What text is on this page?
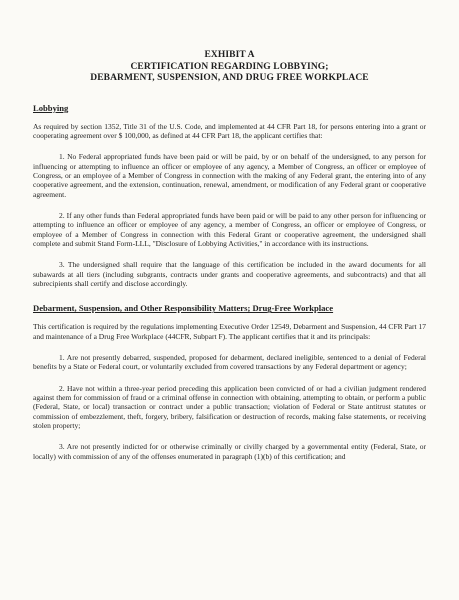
EXHIBIT A
CERTIFICATION REGARDING LOBBYING;
DEBARMENT, SUSPENSION, AND DRUG FREE WORKPLACE
Lobbying

As required by section 1352, Title 31 of the U.S. Code, and implemented at 44 CFR Part 18, for persons entering into a grant or cooperating agreement over $ 100,000, as defined at 44 CFR Part 18, the applicant certifies that:

1. No Federal appropriated funds have been paid or will be paid, by or on behalf of the undersigned, to any person for influencing or attempting to influence an officer or employee of any agency, a Member of Congress, an officer or employee of Congress, or an employee of a Member of Congress in connection with the making of any Federal grant, the entering into of any cooperative agreement, and the extension, continuation, renewal, amendment, or modification of any Federal grant or cooperative agreement.

2. If any other funds than Federal appropriated funds have been paid or will be paid to any other person for influencing or attempting to influence an officer or employee of any agency, a member of Congress, an officer or employee of Congress, or employee of a Member of Congress in connection with this Federal Grant or cooperative agreement, the undersigned shall complete and submit Stand Form-LLL, "Disclosure of Lobbying Activities," in accordance with its instructions.

3. The undersigned shall require that the language of this certification be included in the award documents for all subawards at all tiers (including subgrants, contracts under grants and cooperative agreements, and subcontracts) and that all subrecipients shall certify and disclose accordingly.

Debarment, Suspension, and Other Responsibility Matters; Drug-Free Workplace

This certification is required by the regulations implementing Executive Order 12549, Debarment and Suspension, 44 CFR Part 17 and maintenance of a Drug Free Workplace (44CFR, Subpart F). The applicant certifies that it and its principals:

1. Are not presently debarred, suspended, proposed for debarment, declared ineligible, sentenced to a denial of Federal benefits by a State or Federal court, or voluntarily excluded from covered transactions by any Federal department or agency;

2. Have not within a three-year period preceding this application been convicted of or had a civilian judgment rendered against them for commission of fraud or a criminal offense in connection with obtaining, attempting to obtain, or perform a public (Federal, State, or local) transaction or contract under a public transaction; violation of Federal or State antitrust statutes or commission of embezzlement, theft, forgery, bribery, falsification or destruction of records, making false statements, or receiving stolen property;

3. Are not presently indicted for or otherwise criminally or civilly charged by a governmental entity (Federal, State, or locally) with commission of any of the offenses enumerated in paragraph (1)(b) of this certification; and
